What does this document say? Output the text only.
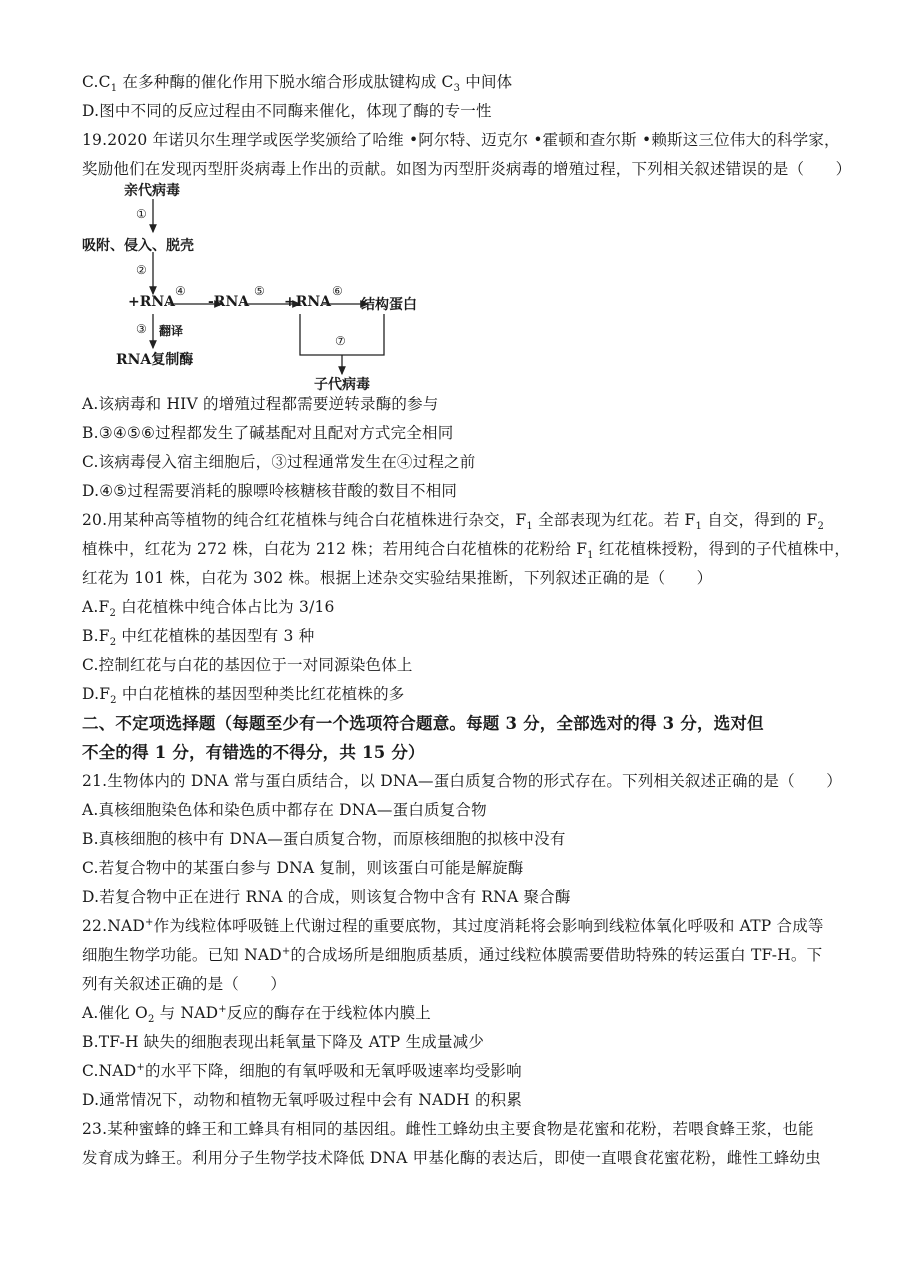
$C.C_1$ 在多种酶的催化作用下脱水缩合形成肽键构成 $C_3$ 中间体
D.图中不同的反应过程由不同酶来催化，体现了酶的专一性
19.2020 年诺贝尔生理学或医学奖颁给了哈维 •阿尔特、迈克尔 •霍顿和查尔斯 •赖斯这三位伟大的科学家，
奖励他们在发现丙型肝炎病毒上作出的贡献。如图为丙型肝炎病毒的增殖过程，下列相关叙述错误的是（　　）
亲代病毒
①
吸附、侵入、脱壳
②
+RNA
④
-RNA
⑤
+RNA
⑥
结构蛋白
③ 翻译
RNA复制酶
⑦
子代病毒
A.该病毒和 HIV 的增殖过程都需要逆转录酶的参与
B.③④⑤⑥过程都发生了碱基配对且配对方式完全相同
C.该病毒侵入宿主细胞后，③过程通常发生在④过程之前
D.④⑤过程需要消耗的腺嘌呤核糖核苷酸的数目不相同
20.用某种高等植物的纯合红花植株与纯合白花植株进行杂交，$F_1$ 全部表现为红花。若 $F_1$ 自交，得到的 $F_2$
植株中，红花为 272 株，白花为 212 株；若用纯合白花植株的花粉给 $F_1$ 红花植株授粉，得到的子代植株中，
红花为 101 株，白花为 302 株。根据上述杂交实验结果推断，下列叙述正确的是（　　）
$A.F_2$ 白花植株中纯合体占比为 3/16
$B.F_2$ 中红花植株的基因型有 3 种
C.控制红花与白花的基因位于一对同源染色体上
$D.F_2$ 中白花植株的基因型种类比红花植株的多
二、不定项选择题（每题至少有一个选项符合题意。每题 3 分，全部选对的得 3 分，选对但
不全的得 1 分，有错选的不得分，共 15 分）
21.生物体内的 DNA 常与蛋白质结合，以 DNA—蛋白质复合物的形式存在。下列相关叙述正确的是（　　）
A.真核细胞染色体和染色质中都存在 DNA—蛋白质复合物
B.真核细胞的核中有 DNA—蛋白质复合物，而原核细胞的拟核中没有
C.若复合物中的某蛋白参与 DNA 复制，则该蛋白可能是解旋酶
D.若复合物中正在进行 RNA 的合成，则该复合物中含有 RNA 聚合酶
22.NAD+作为线粒体呼吸链上代谢过程的重要底物，其过度消耗将会影响到线粒体氧化呼吸和 ATP 合成等
细胞生物学功能。已知 NAD+的合成场所是细胞质基质，通过线粒体膜需要借助特殊的转运蛋白 TF-H。下
列有关叙述正确的是（　　）
A.催化 $O_2$ 与 NAD+反应的酶存在于线粒体内膜上
B.TF-H 缺失的细胞表现出耗氧量下降及 ATP 生成量减少
C.NAD+的水平下降，细胞的有氧呼吸和无氧呼吸速率均受影响
D.通常情况下，动物和植物无氧呼吸过程中会有 NADH 的积累
23.某种蜜蜂的蜂王和工蜂具有相同的基因组。雌性工蜂幼虫主要食物是花蜜和花粉，若喂食蜂王浆，也能
发育成为蜂王。利用分子生物学技术降低 DNA 甲基化酶的表达后，即使一直喂食花蜜花粉，雌性工蜂幼虫
